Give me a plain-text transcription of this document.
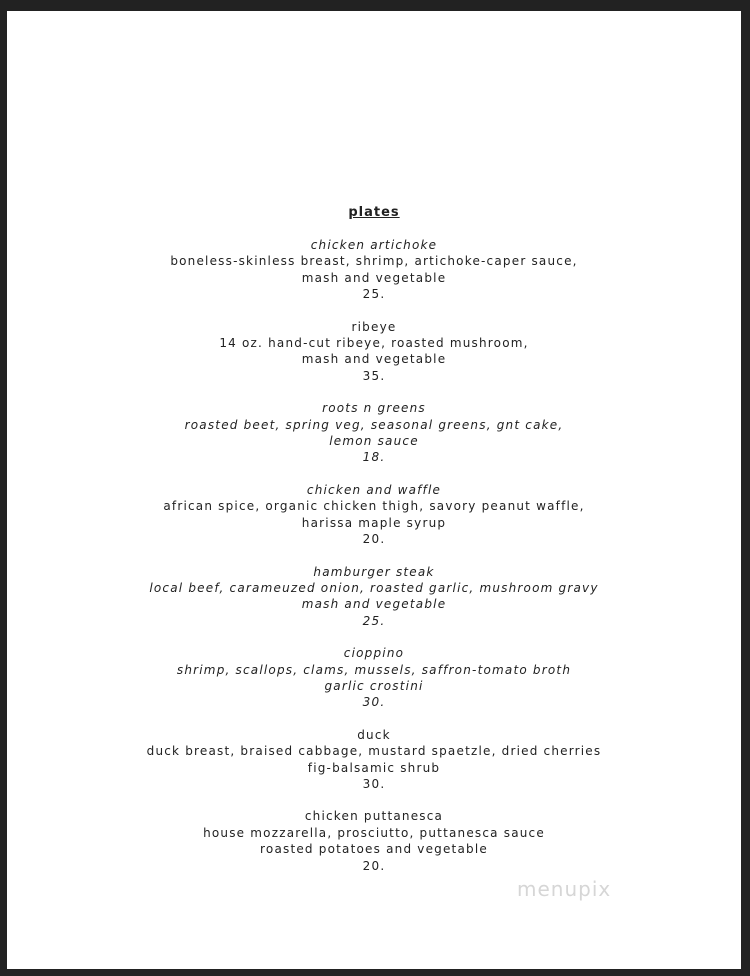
plates
chicken artichoke
boneless-skinless breast, shrimp, artichoke-caper sauce,
mash and vegetable
25.
ribeye
14 oz. hand-cut ribeye, roasted mushroom,
mash and vegetable
35.
roots n greens
roasted beet, spring veg, seasonal greens, gnt cake,
lemon sauce
18.
chicken and waffle
african spice, organic chicken thigh, savory peanut waffle,
harissa maple syrup
20.
hamburger steak
local beef, carameuzed onion, roasted garlic, mushroom gravy
mash and vegetable
25.
cioppino
shrimp, scallops, clams, mussels, saffron-tomato broth
garlic crostini
30.
duck
duck breast, braised cabbage, mustard spaetzle, dried cherries
fig-balsamic shrub
30.
chicken puttanesca
house mozzarella, prosciutto, puttanesca sauce
roasted potatoes and vegetable
20.
menupix
